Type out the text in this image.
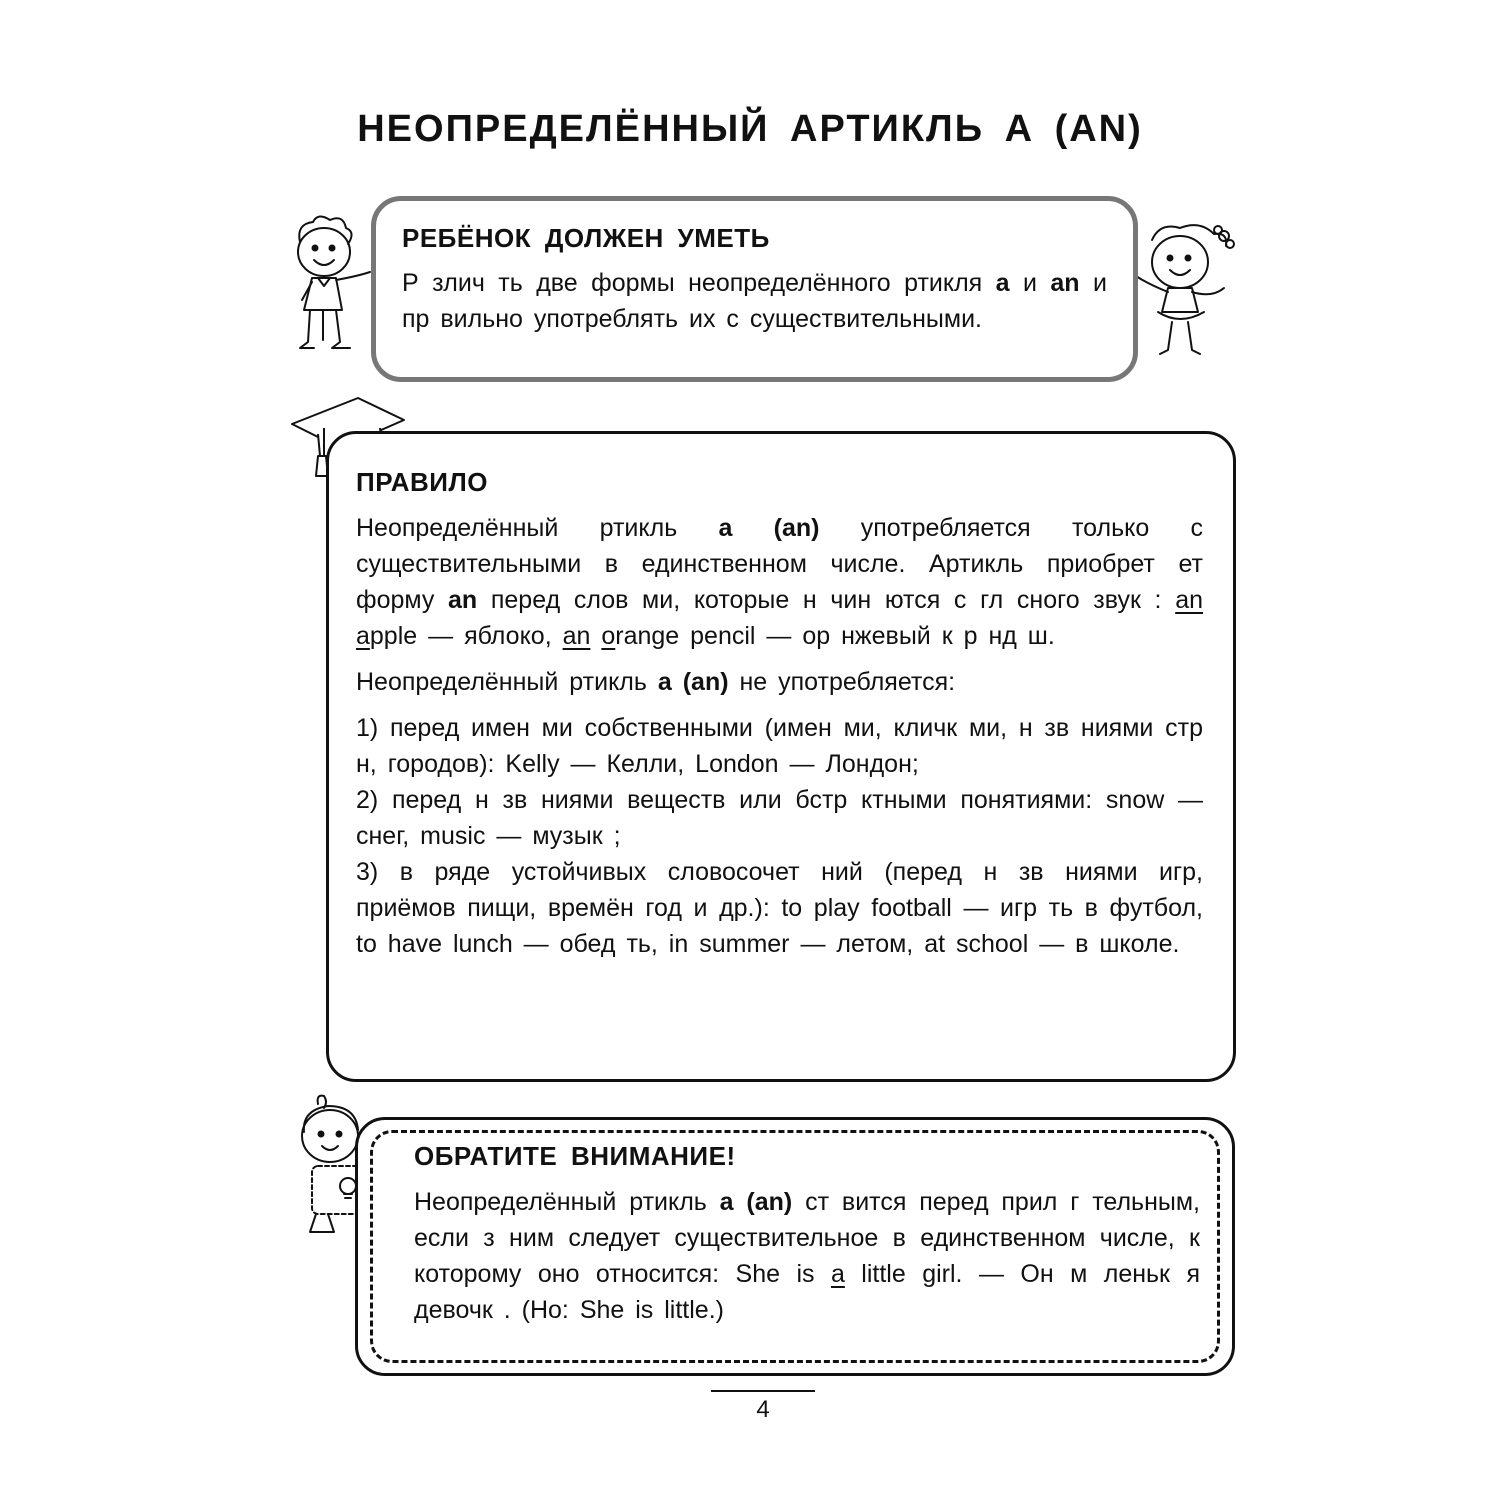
НЕОПРЕДЕЛЁННЫЙ АРТИКЛЬ А (AN)
РЕБЁНОК ДОЛЖЕН УМЕТЬ

Р злич ть две формы неопределённого ртикля a и an и пр вильно употреблять их с существительными.

ПРАВИЛО

Неопределённый ртикль a (an) употребляется только с существительными в единственном числе. Артикль приобрет ет форму an перед слов ми, которые н чин ются с гл сного звук : an apple — яблоко, an orange pencil — ор нжевый к р нд ш.

Неопределённый ртикль a (an) не употребляется:

1) перед имен ми собственными (имен ми, кличк ми, н зв ниями стр н, городов): Kelly — Келли, London — Лондон;

2) перед н зв ниями веществ или бстр ктными понятиями: snow — снег, music — музык ;

3) в ряде устойчивых словосочет ний (перед н зв ниями игр, приёмов пищи, времён год и др.): to play football — игр ть в футбол, to have lunch — обед ть, in summer — летом, at school — в школе.

ОБРАТИТЕ ВНИМАНИЕ!

Неопределённый ртикль a (an) ст вится перед прил г тельным, если з ним следует существительное в единственном числе, к которому оно относится: She is a little girl. — Он м леньк я девочк . (Но: She is little.)

4
